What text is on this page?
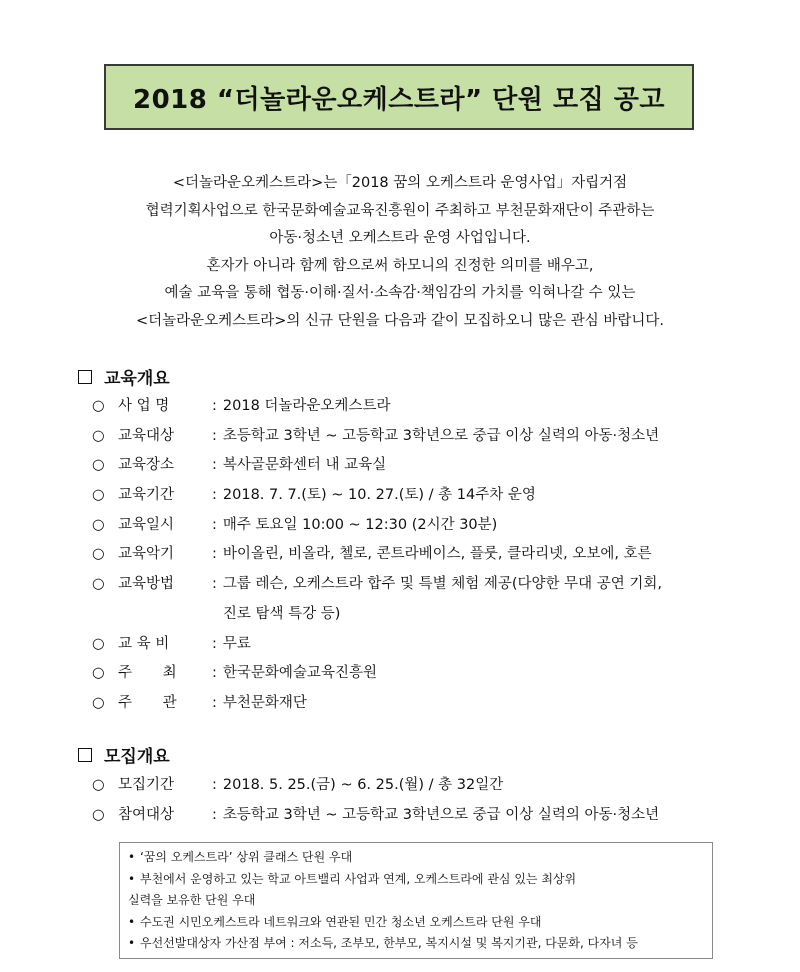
2018 “더놀라운오케스트라” 단원 모집 공고
<더놀라운오케스트라>는「2018 꿈의 오케스트라 운영사업」자립거점
협력기획사업으로 한국문화예술교육진흥원이 주최하고 부천문화재단이 주관하는
아동·청소년 오케스트라 운영 사업입니다.
혼자가 아니라 함께 함으로써 하모니의 진정한 의미를 배우고,
예술 교육을 통해 협동·이해·질서·소속감·책임감의 가치를 익혀나갈 수 있는
<더놀라운오케스트라>의 신규 단원을 다음과 같이 모집하오니 많은 관심 바랍니다.
교육개요
○ 사 업 명	: 2018 더놀라운오케스트라
○ 교육대상	: 초등학교 3학년 ~ 고등학교 3학년으로 중급 이상 실력의 아동·청소년
○ 교육장소	: 복사골문화센터 내 교육실
○ 교육기간	: 2018. 7. 7.(토) ~ 10. 27.(토) / 총 14주차 운영
○ 교육일시	: 매주 토요일 10:00 ~ 12:30 (2시간 30분)
○ 교육악기	: 바이올린, 비올라, 첼로, 콘트라베이스, 플룻, 클라리넷, 오보에, 호른
○ 교육방법	: 그룹 레슨, 오케스트라 합주 및 특별 체험 제공(다양한 무대 공연 기회,
진로 탐색 특강 등)
○ 교 육 비	: 무료
○ 주 최	: 한국문화예술교육진흥원
○ 주 관	: 부천문화재단
모집개요
○ 모집기간	: 2018. 5. 25.(금) ~ 6. 25.(월) / 총 32일간
○ 참여대상	: 초등학교 3학년 ~ 고등학교 3학년으로 중급 이상 실력의 아동·청소년
• ‘꿈의 오케스트라’ 상위 클래스 단원 우대
• 부천에서 운영하고 있는 학교 아트밸리 사업과 연계, 오케스트라에 관심 있는 최상위
실력을 보유한 단원 우대
• 수도권 시민오케스트라 네트워크와 연관된 민간 청소년 오케스트라 단원 우대
• 우선선발대상자 가산점 부여 : 저소득, 조부모, 한부모, 복지시설 및 복지기관, 다문화, 다자녀 등
